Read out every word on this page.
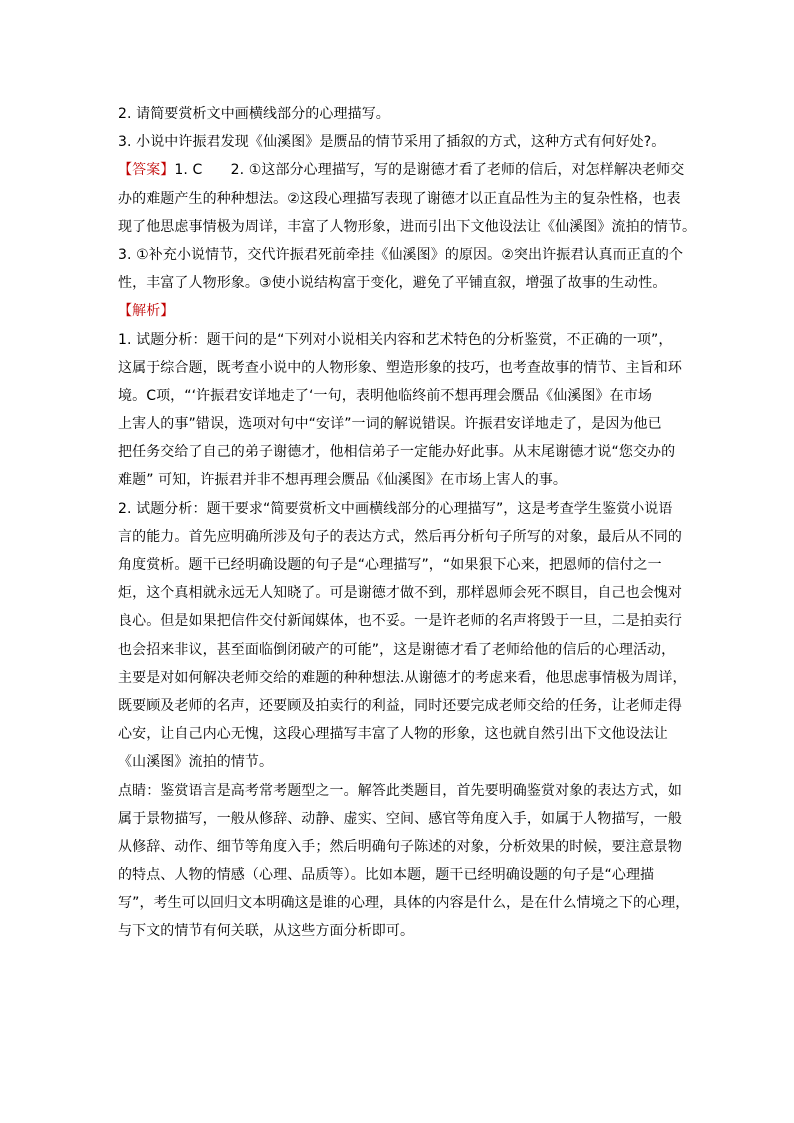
2. 请简要赏析文中画横线部分的心理描写。
3. 小说中许振君发现《仙溪图》是赝品的情节采用了插叙的方式，这种方式有何好处?。
【答案】1. C　　2. ①这部分心理描写，写的是谢德才看了老师的信后，对怎样解决老师交
办的难题产生的种种想法。②这段心理描写表现了谢德才以正直品性为主的复杂性格，也表
现了他思虑事情极为周详，丰富了人物形象，进而引出下文他设法让《仙溪图》流拍的情节。
3. ①补充小说情节，交代许振君死前牵挂《仙溪图》的原因。②突出许振君认真而正直的个
性，丰富了人物形象。③使小说结构富于变化，避免了平铺直叙，增强了故事的生动性。
【解析】
1. 试题分析：题干问的是“下列对小说相关内容和艺术特色的分析鉴赏，不正确的一项”，
这属于综合题，既考查小说中的人物形象、塑造形象的技巧，也考查故事的情节、主旨和环
境。C项，“‘许振君安详地走了‘一句，表明他临终前不想再理会赝品《仙溪图》在市场
上害人的事”错误，选项对句中“安详”一词的解说错误。许振君安详地走了，是因为他已
把任务交给了自己的弟子谢德才，他相信弟子一定能办好此事。从末尾谢德才说“您交办的
难题” 可知，许振君并非不想再理会赝品《仙溪图》在市场上害人的事。
2. 试题分析：题干要求“简要赏析文中画横线部分的心理描写”，这是考查学生鉴赏小说语
言的能力。首先应明确所涉及句子的表达方式，然后再分析句子所写的对象，最后从不同的
角度赏析。题干已经明确设题的句子是“心理描写”，“如果狠下心来，把恩师的信付之一
炬，这个真相就永远无人知晓了。可是谢德才做不到，那样恩师会死不瞑目，自己也会愧对
良心。但是如果把信件交付新闻媒体，也不妥。一是许老师的名声将毁于一旦，二是拍卖行
也会招来非议，甚至面临倒闭破产的可能”，这是谢德才看了老师给他的信后的心理活动，
主要是对如何解决老师交给的难题的种种想法.从谢德才的考虑来看，他思虑事情极为周详，
既要顾及老师的名声，还要顾及拍卖行的利益，同时还要完成老师交给的任务，让老师走得
心安，让自己内心无愧，这段心理描写丰富了人物的形象，这也就自然引出下文他设法让
《山溪图》流拍的情节。
点睛：鉴赏语言是高考常考题型之一。解答此类题目，首先要明确鉴赏对象的表达方式，如
属于景物描写，一般从修辞、动静、虚实、空间、感官等角度入手，如属于人物描写，一般
从修辞、动作、细节等角度入手；然后明确句子陈述的对象，分析效果的时候，要注意景物
的特点、人物的情感（心理、品质等）。比如本题，题干已经明确设题的句子是“心理描
写”，考生可以回归文本明确这是谁的心理，具体的内容是什么，是在什么情境之下的心理，
与下文的情节有何关联，从这些方面分析即可。
